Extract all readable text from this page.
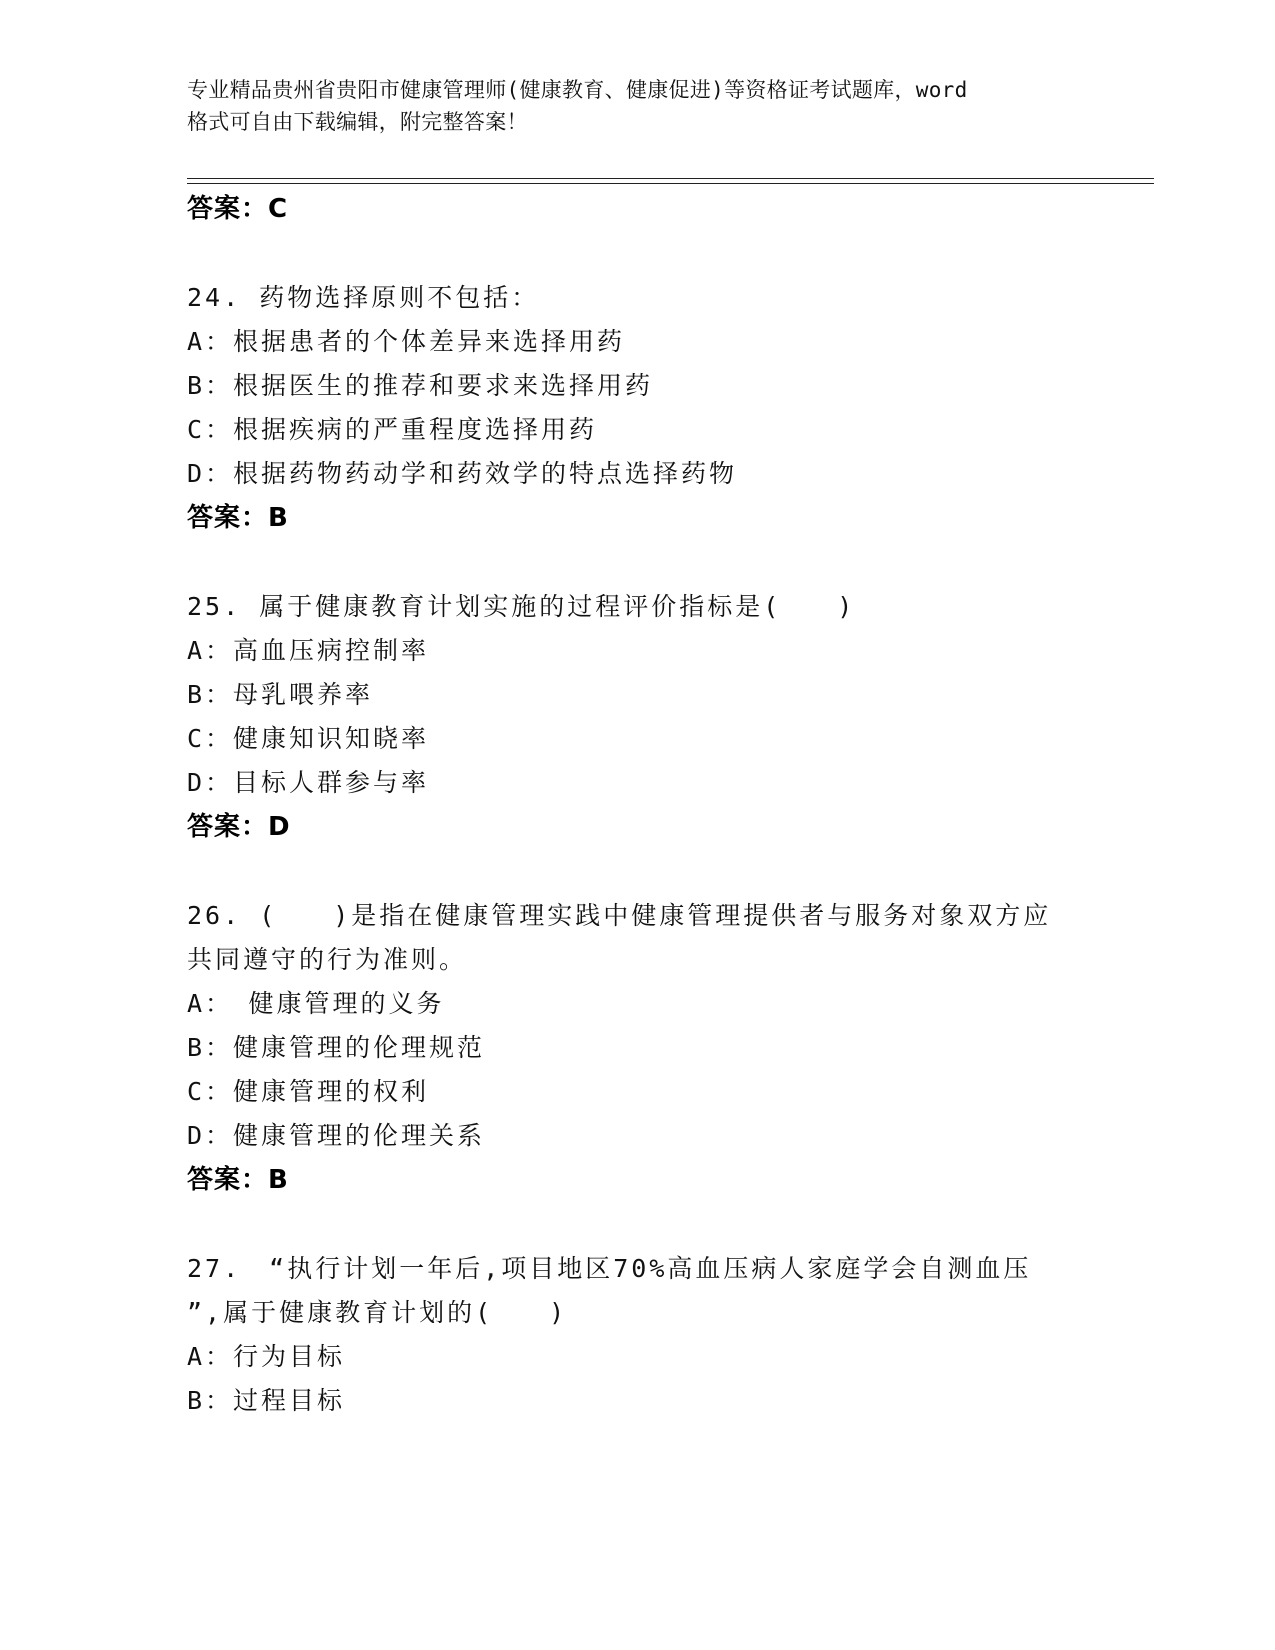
专业精品贵州省贵阳市健康管理师(健康教育、健康促进)等资格证考试题库，word
格式可自由下载编辑，附完整答案！
答案：C
24. 药物选择原则不包括：
A：根据患者的个体差异来选择用药
B：根据医生的推荐和要求来选择用药
C：根据疾病的严重程度选择用药
D：根据药物药动学和药效学的特点选择药物
答案：B
25. 属于健康教育计划实施的过程评价指标是(　　)
A：高血压病控制率
B：母乳喂养率
C：健康知识知晓率
D：目标人群参与率
答案：D
26. (　　)是指在健康管理实践中健康管理提供者与服务对象双方应
共同遵守的行为准则。
A：　健康管理的义务
B：健康管理的伦理规范
C：健康管理的权利
D：健康管理的伦理关系
答案：B
27.　“执行计划一年后,项目地区70%高血压病人家庭学会自测血压
”,属于健康教育计划的(　　)
A：行为目标
B：过程目标
